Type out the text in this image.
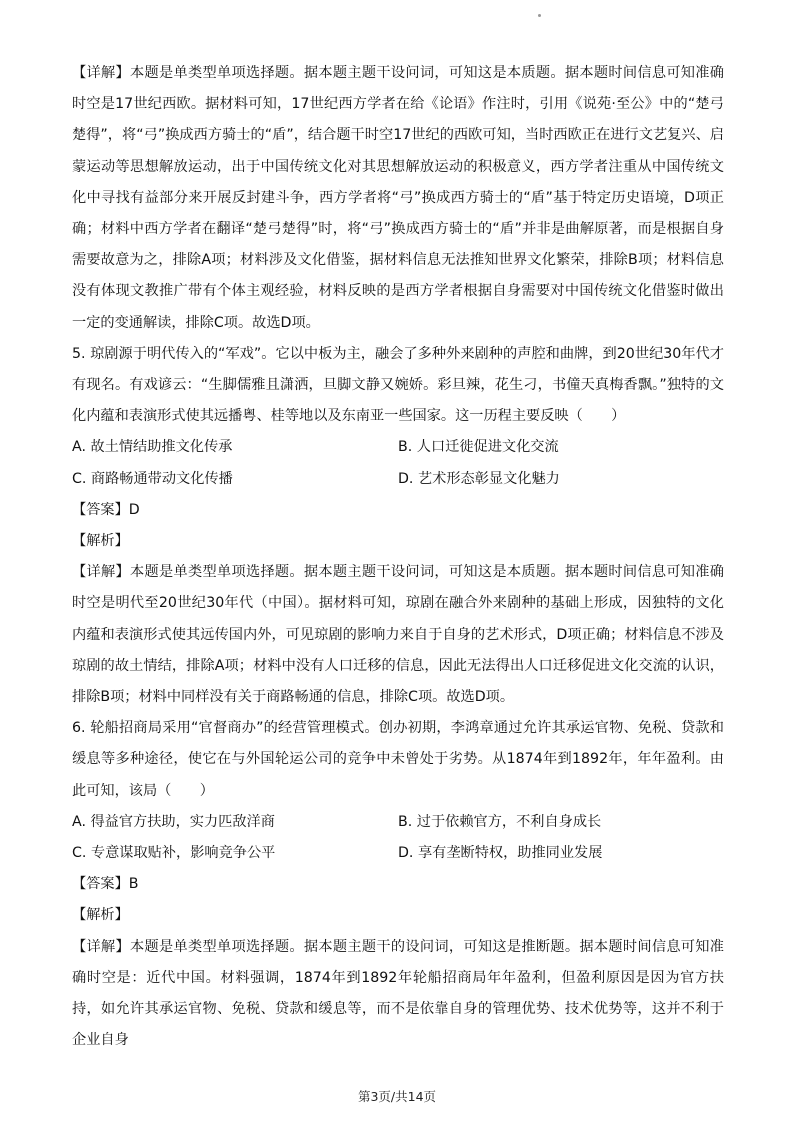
【详解】本题是单类型单项选择题。据本题主题干设问词，可知这是本质题。据本题时间信息可知准确时空是17世纪西欧。据材料可知，17世纪西方学者在给《论语》作注时，引用《说苑·至公》中的“楚弓楚得”，将“弓”换成西方骑士的“盾”，结合题干时空17世纪的西欧可知，当时西欧正在进行文艺复兴、启蒙运动等思想解放运动，出于中国传统文化对其思想解放运动的积极意义，西方学者注重从中国传统文化中寻找有益部分来开展反封建斗争，西方学者将“弓”换成西方骑士的“盾”基于特定历史语境，D项正确；材料中西方学者在翻译“楚弓楚得”时，将“弓”换成西方骑士的“盾”并非是曲解原著，而是根据自身需要故意为之，排除A项；材料涉及文化借鉴，据材料信息无法推知世界文化繁荣，排除B项；材料信息没有体现文教推广带有个体主观经验，材料反映的是西方学者根据自身需要对中国传统文化借鉴时做出一定的变通解读，排除C项。故选D项。

5. 琼剧源于明代传入的“军戏”。它以中板为主，融会了多种外来剧种的声腔和曲牌，到20世纪30年代才有现名。有戏谚云：“生脚儒雅且潇洒，旦脚文静又婉娇。彩旦辣，花生刁，书僮天真梅香飘。”独特的文化内蕴和表演形式使其远播粤、桂等地以及东南亚一些国家。这一历程主要反映（　　）

A. 故土情结助推文化传承	B. 人口迁徙促进文化交流

C. 商路畅通带动文化传播	D. 艺术形态彰显文化魅力

【答案】D

【解析】

【详解】本题是单类型单项选择题。据本题主题干设问词，可知这是本质题。据本题时间信息可知准确时空是明代至20世纪30年代（中国）。据材料可知，琼剧在融合外来剧种的基础上形成，因独特的文化内蕴和表演形式使其远传国内外，可见琼剧的影响力来自于自身的艺术形式，D项正确；材料信息不涉及琼剧的故土情结，排除A项；材料中没有人口迁移的信息，因此无法得出人口迁移促进文化交流的认识，排除B项；材料中同样没有关于商路畅通的信息，排除C项。故选D项。

6. 轮船招商局采用“官督商办”的经营管理模式。创办初期，李鸿章通过允许其承运官物、免税、贷款和缓息等多种途径，使它在与外国轮运公司的竞争中未曾处于劣势。从1874年到1892年，年年盈利。由此可知，该局（　　）

A. 得益官方扶助，实力匹敌洋商	B. 过于依赖官方，不利自身成长

C. 专意谋取贴补，影响竞争公平	D. 享有垄断特权，助推同业发展

【答案】B

【解析】

【详解】本题是单类型单项选择题。据本题主题干的设问词，可知这是推断题。据本题时间信息可知准确时空是：近代中国。材料强调，1874年到1892年轮船招商局年年盈利，但盈利原因是因为官方扶持，如允许其承运官物、免税、贷款和缓息等，而不是依靠自身的管理优势、技术优势等，这并不利于企业自身

第3页/共14页
